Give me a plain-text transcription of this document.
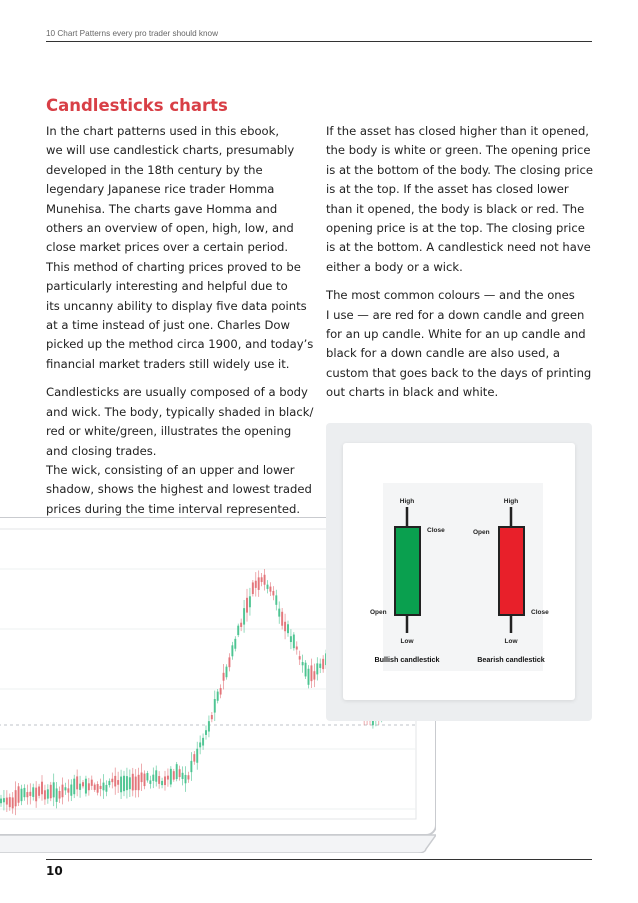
10 Chart Patterns every pro trader should know
Candlesticks charts

In the chart patterns used in this ebook,
we will use candlestick charts, presumably
developed in the 18th century by the
legendary Japanese rice trader Homma
Munehisa. The charts gave Homma and
others an overview of open, high, low, and
close market prices over a certain period.
This method of charting prices proved to be
particularly interesting and helpful due to
its uncanny ability to display five data points
at a time instead of just one. Charles Dow
picked up the method circa 1900, and today’s
financial market traders still widely use it.

Candlesticks are usually composed of a body
and wick. The body, typically shaded in black/
red or white/green, illustrates the opening
and closing trades.
The wick, consisting of an upper and lower
shadow, shows the highest and lowest traded
prices during the time interval represented.

If the asset has closed higher than it opened,
the body is white or green. The opening price
is at the bottom of the body. The closing price
is at the top. If the asset has closed lower
than it opened, the body is black or red. The
opening price is at the top. The closing price
is at the bottom. A candlestick need not have
either a body or a wick.

The most common colours — and the ones
I use — are red for a down candle and green
for an up candle. White for an up candle and
black for a down candle are also used, a
custom that goes back to the days of printing
out charts in black and white.

High
Close
Open
Low
Bullish candlestick
High
Open
Close
Low
Bearish candlestick
10
